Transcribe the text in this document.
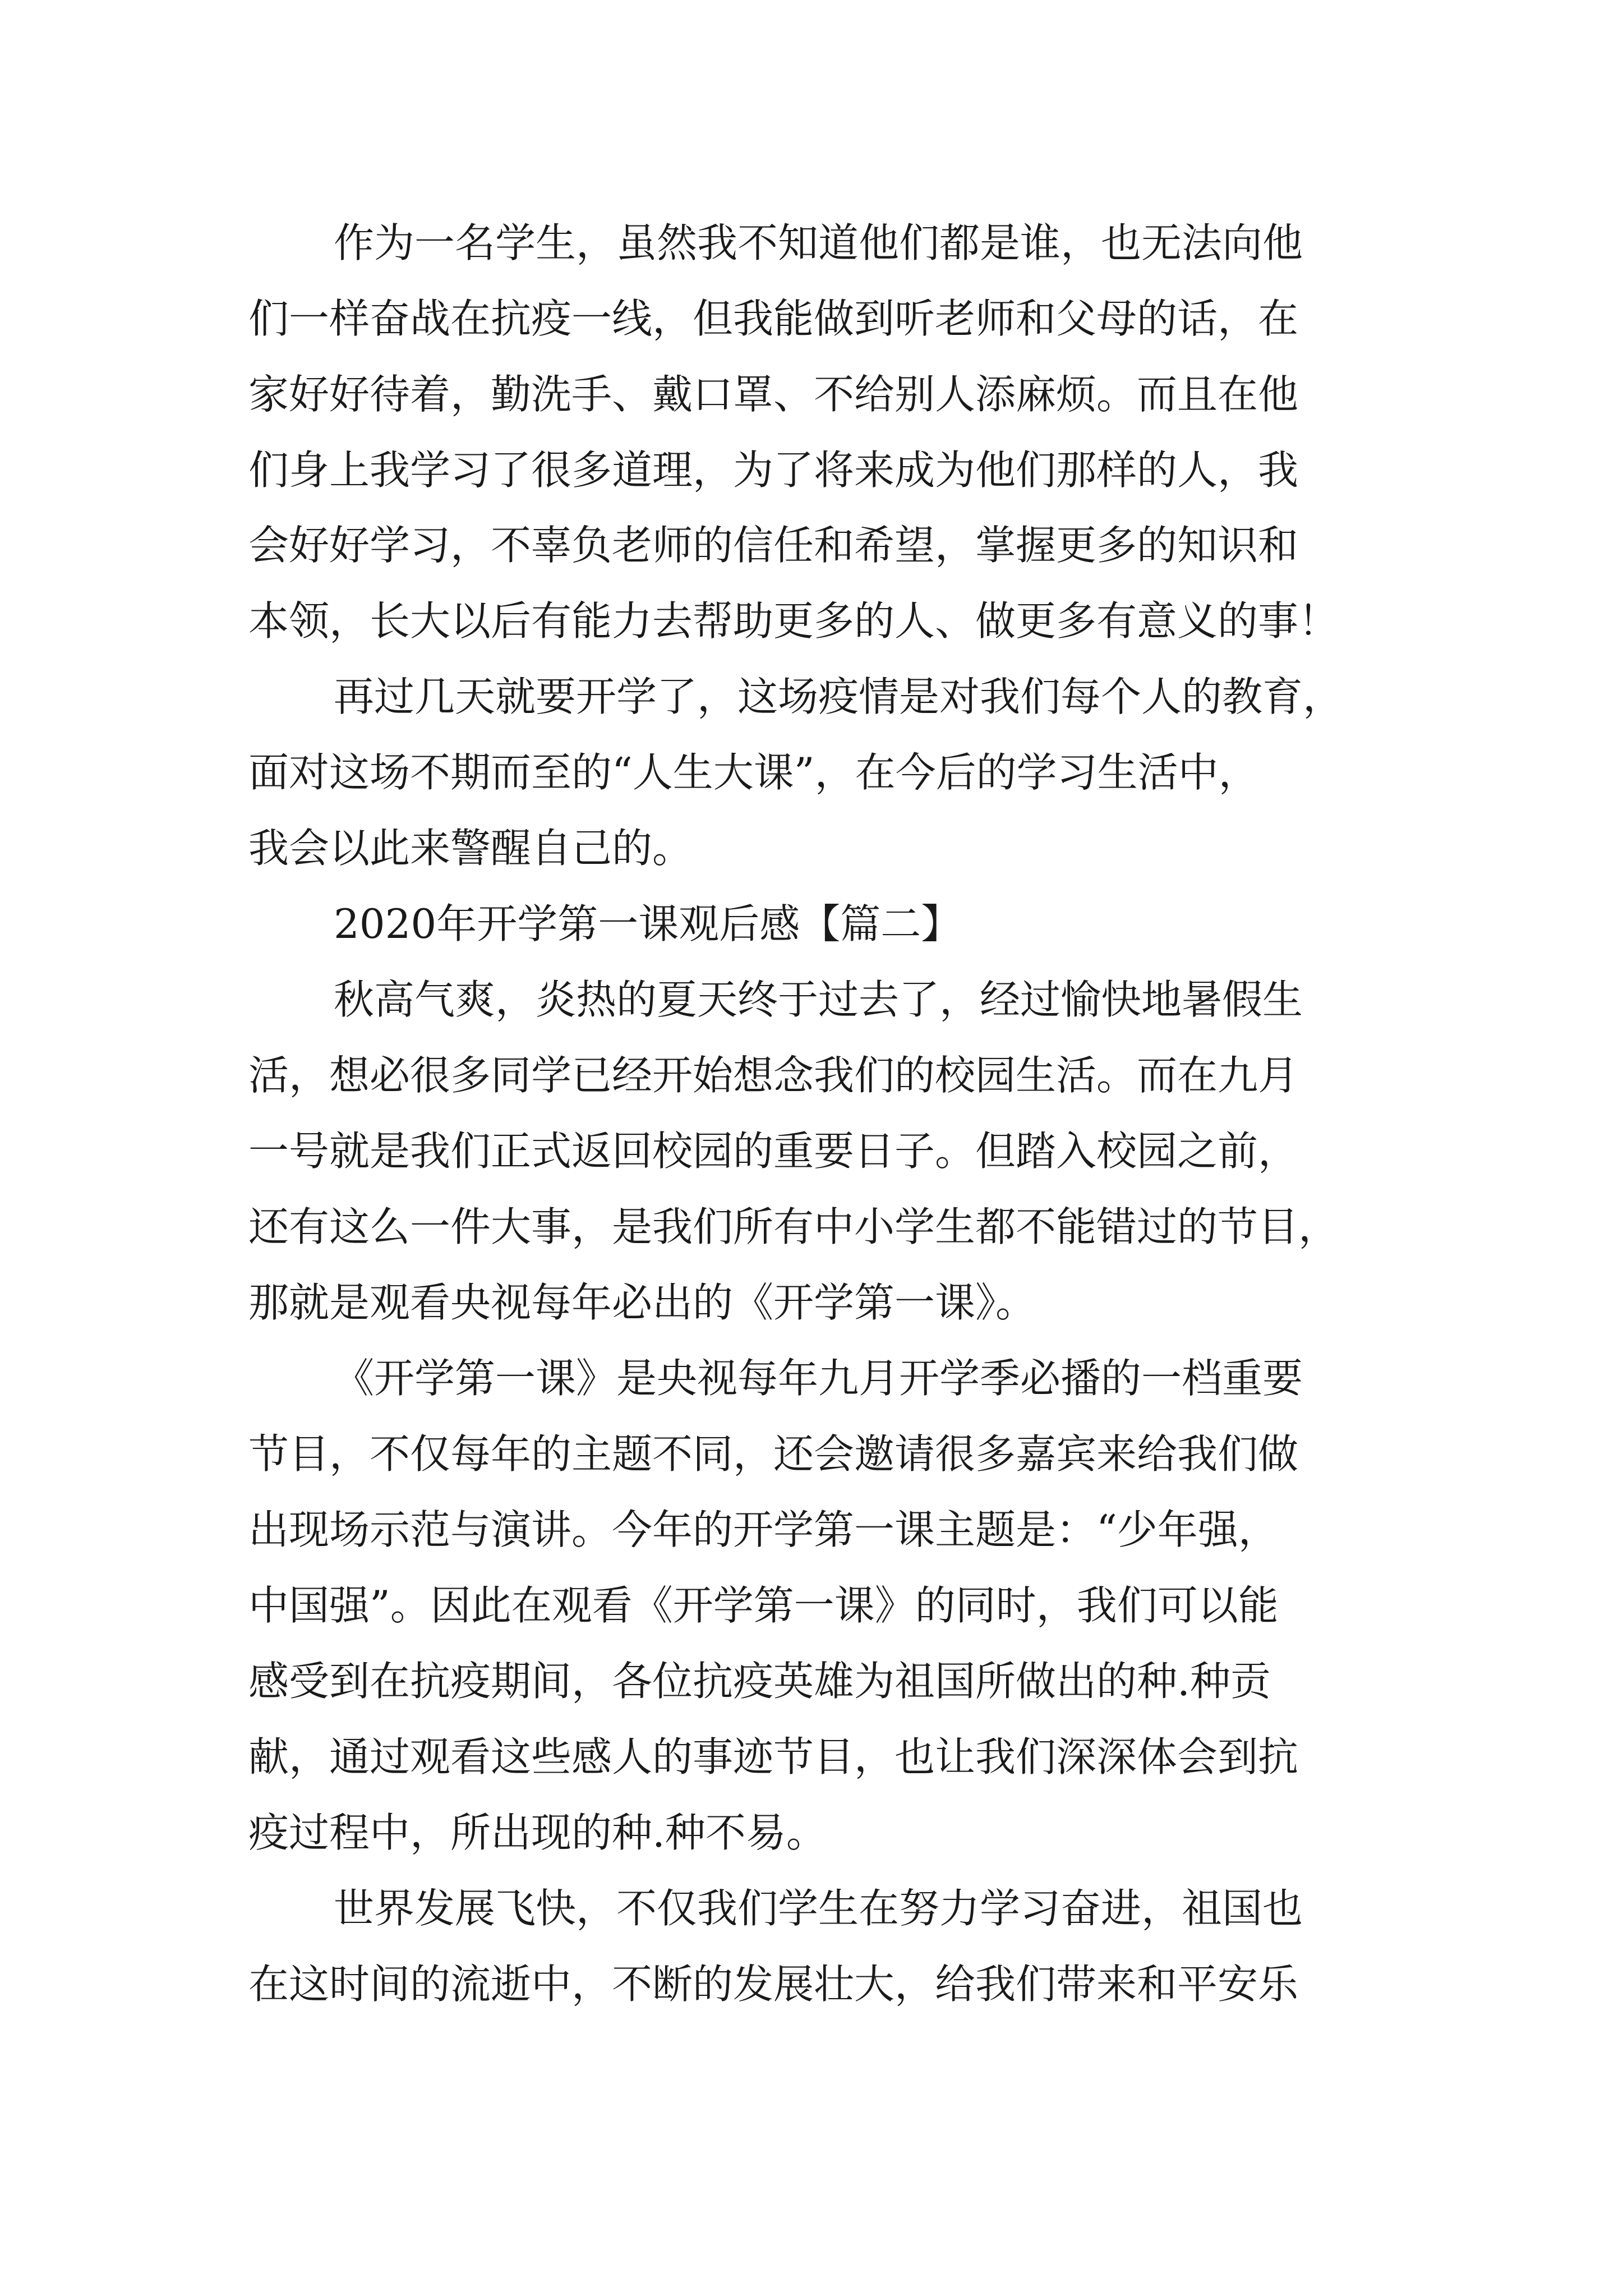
作为一名学生，虽然我不知道他们都是谁，也无法向他
们一样奋战在抗疫一线，但我能做到听老师和父母的话，在
家好好待着，勤洗手、戴口罩、不给别人添麻烦。而且在他
们身上我学习了很多道理，为了将来成为他们那样的人，我
会好好学习，不辜负老师的信任和希望，掌握更多的知识和
本领，长大以后有能力去帮助更多的人、做更多有意义的事！
再过几天就要开学了，这场疫情是对我们每个人的教育，
面对这场不期而至的“人生大课”，在今后的学习生活中，
我会以此来警醒自己的。
2020年开学第一课观后感【篇二】
秋高气爽，炎热的夏天终于过去了，经过愉快地暑假生
活，想必很多同学已经开始想念我们的校园生活。而在九月
一号就是我们正式返回校园的重要日子。但踏入校园之前，
还有这么一件大事，是我们所有中小学生都不能错过的节目，
那就是观看央视每年必出的《开学第一课》。
《开学第一课》是央视每年九月开学季必播的一档重要
节目，不仅每年的主题不同，还会邀请很多嘉宾来给我们做
出现场示范与演讲。今年的开学第一课主题是：“少年强，
中国强”。因此在观看《开学第一课》的同时，我们可以能
感受到在抗疫期间，各位抗疫英雄为祖国所做出的种.种贡
献，通过观看这些感人的事迹节目，也让我们深深体会到抗
疫过程中，所出现的种.种不易。
世界发展飞快，不仅我们学生在努力学习奋进，祖国也
在这时间的流逝中，不断的发展壮大，给我们带来和平安乐
